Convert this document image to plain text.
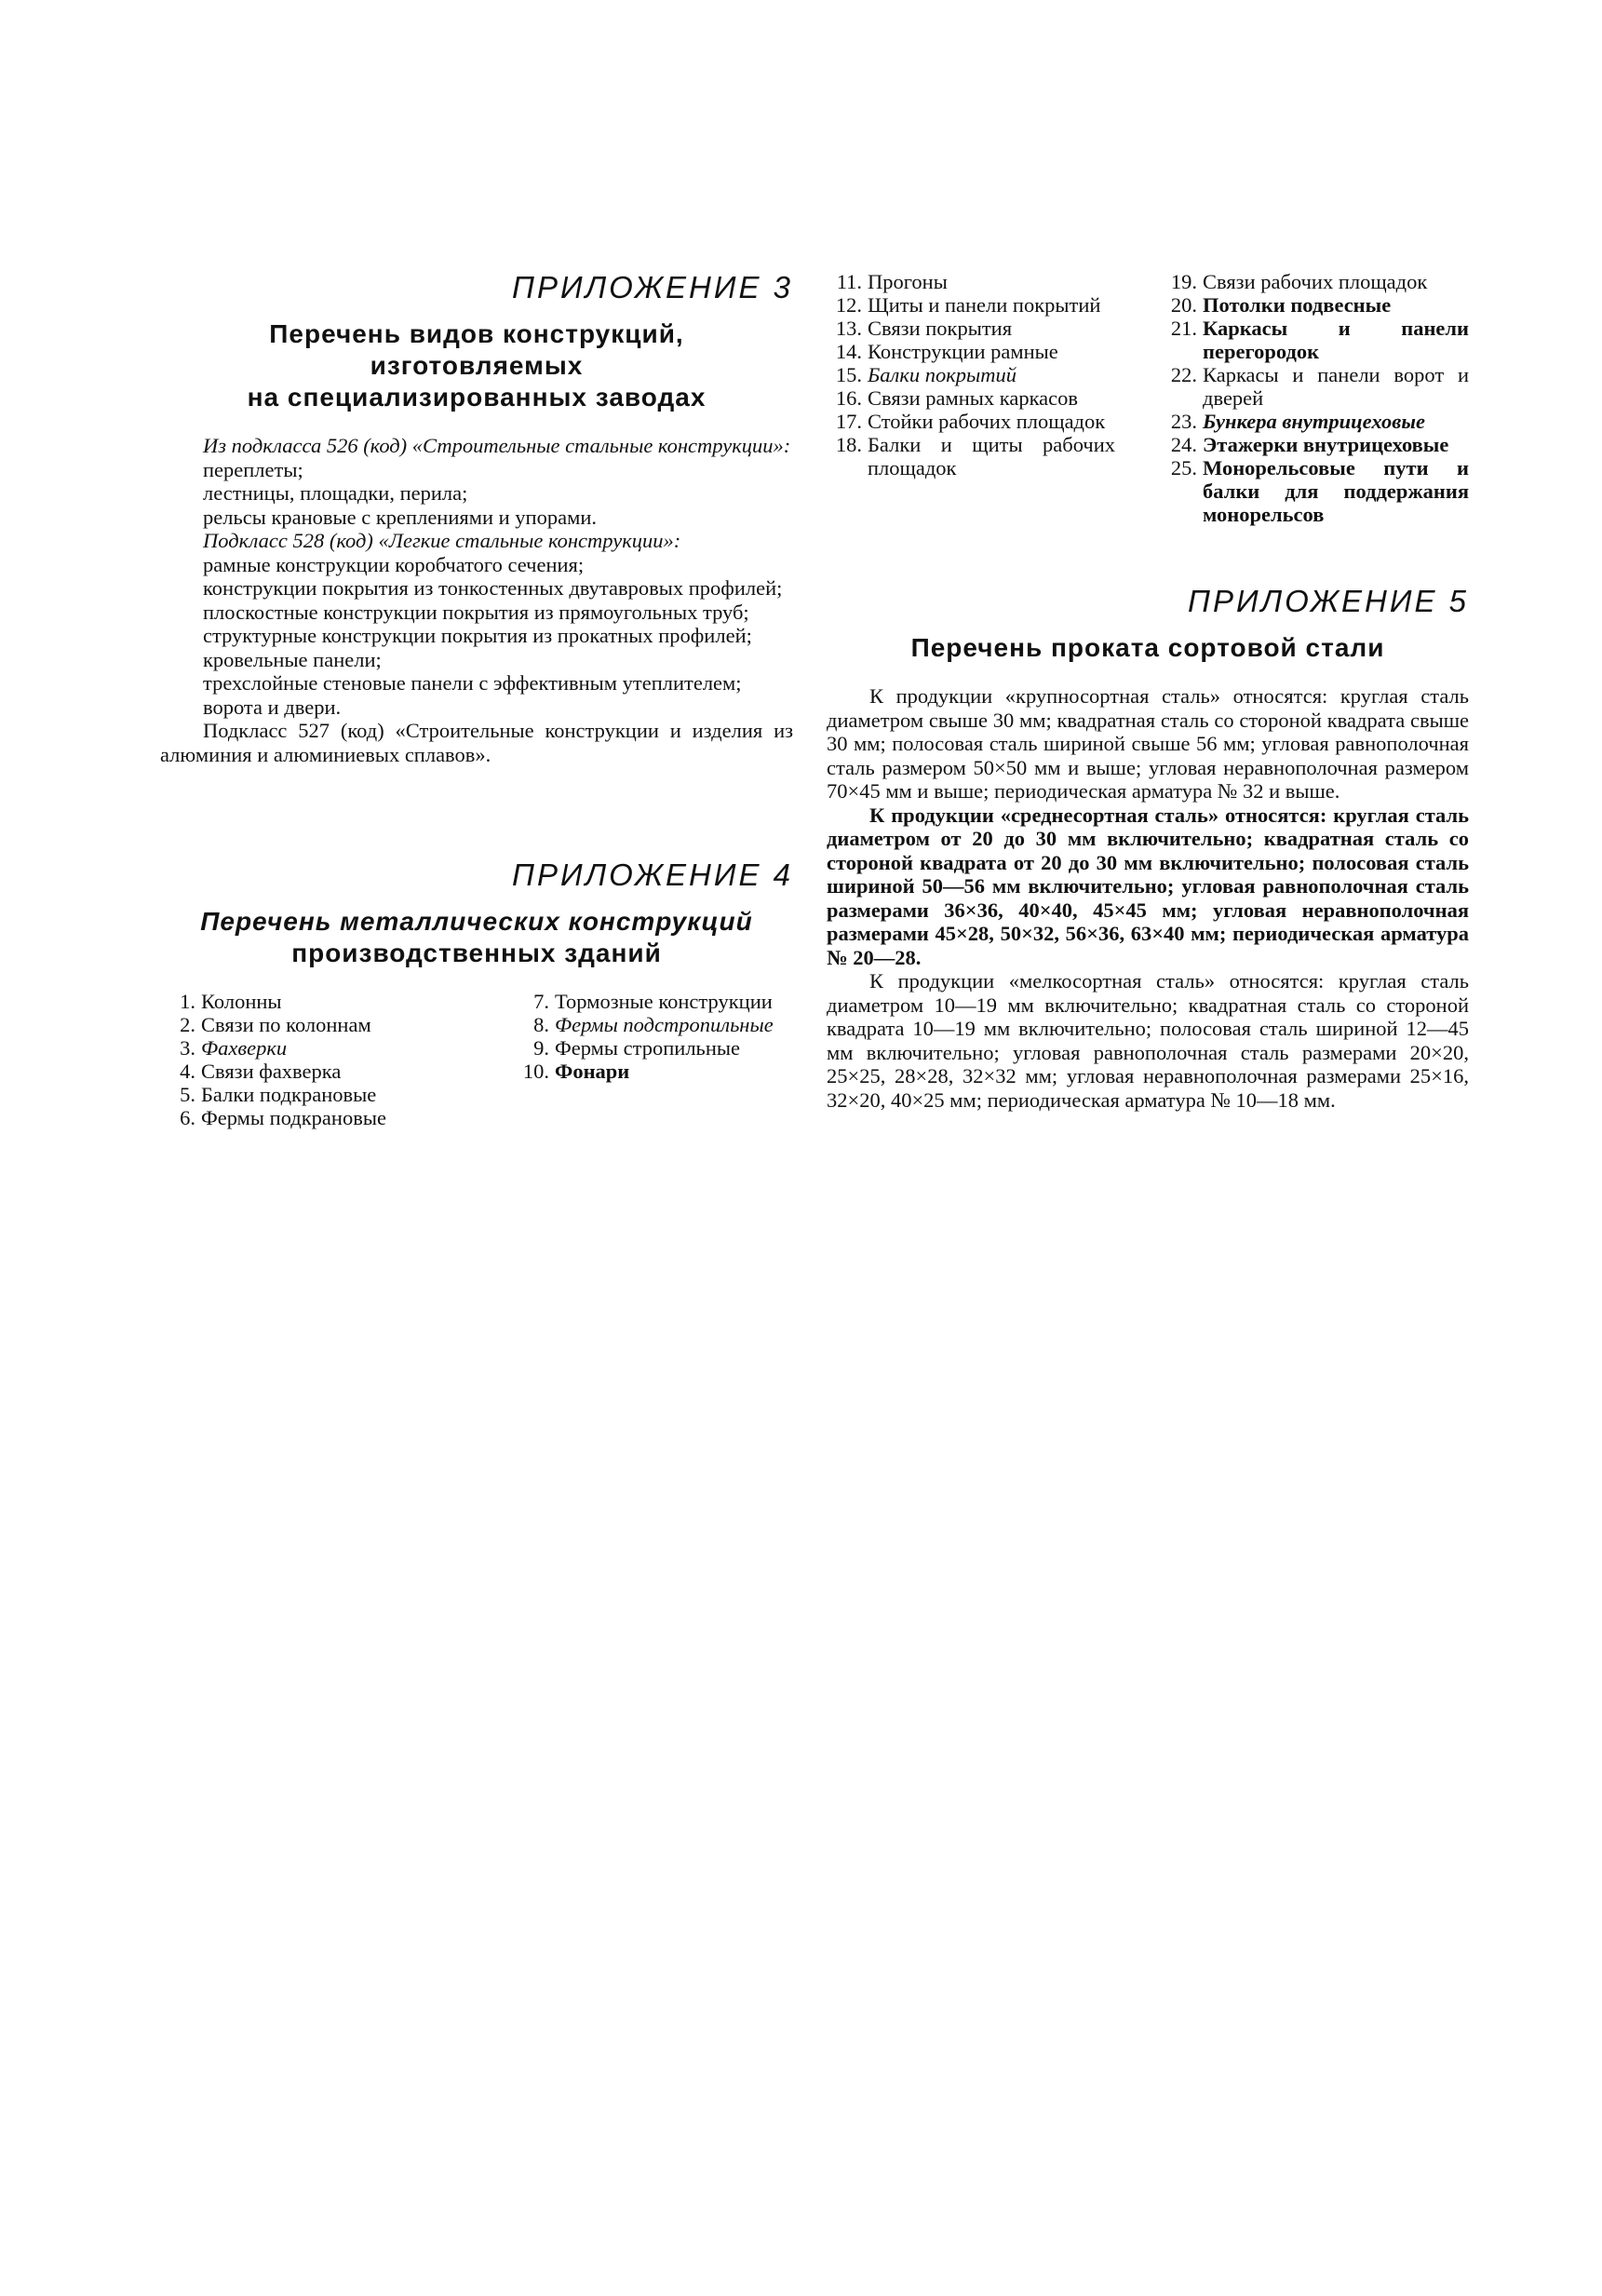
ПРИЛОЖЕНИЕ 3
Перечень видов конструкций,
изготовляемых
на специализированных заводах

Из подкласса 526 (код) «Строительные стальные конструкции»:

переплеты;

лестницы, площадки, перила;

рельсы крановые с креплениями и упорами.

Подкласс 528 (код) «Легкие стальные конструкции»:

рамные конструкции коробчатого сечения;

конструкции покрытия из тонкостенных двутавровых профилей;

плоскостные конструкции покрытия из прямоугольных труб;

структурные конструкции покрытия из прокатных профилей;

кровельные панели;

трехслойные стеновые панели с эффективным утеплителем;

ворота и двери.

Подкласс 527 (код) «Строительные конструкции и изделия из алюминия и алюминиевых сплавов».

ПРИЛОЖЕНИЕ 4
Перечень металлических конструкций
производственных зданий
1. Колонны
2. Связи по колоннам
3. Фахверки
4. Связи фахверка
5. Балки подкрановые
6. Фермы подкрановые
7. Тормозные конструкции
8. Фермы подстропильные
9. Фермы стропильные
10. Фонари
11. Прогоны
12. Щиты и панели покрытий
13. Связи покрытия
14. Конструкции рамные
15. Балки покрытий
16. Связи рамных каркасов
17. Стойки рабочих площадок
18. Балки и щиты рабочих площадок
19. Связи рабочих площадок
20. Потолки подвесные
21. Каркасы и панели перегородок
22. Каркасы и панели ворот и дверей
23. Бункера внутрицеховые
24. Этажерки внутрицеховые
25. Монорельсовые пути и балки для поддержания монорельсов
ПРИЛОЖЕНИЕ 5
Перечень проката сортовой стали

К продукции «крупносортная сталь» относятся: круглая сталь диаметром свыше 30 мм; квадратная сталь со стороной квадрата свыше 30 мм; полосовая сталь шириной свыше 56 мм; угловая равнополочная сталь размером 50×50 мм и выше; угловая неравнополочная размером 70×45 мм и выше; периодическая арматура № 32 и выше.

К продукции «среднесортная сталь» относятся: круглая сталь диаметром от 20 до 30 мм включительно; квадратная сталь со стороной квадрата от 20 до 30 мм включительно; полосовая сталь шириной 50—56 мм включительно; угловая равнополочная сталь размерами 36×36, 40×40, 45×45 мм; угловая неравнополочная размерами 45×28, 50×32, 56×36, 63×40 мм; периодическая арматура № 20—28.

К продукции «мелкосортная сталь» относятся: круглая сталь диаметром 10—19 мм включительно; квадратная сталь со стороной квадрата 10—19 мм включительно; полосовая сталь шириной 12—45 мм включительно; угловая равнополочная сталь размерами 20×20, 25×25, 28×28, 32×32 мм; угловая неравнополочная размерами 25×16, 32×20, 40×25 мм; периодическая арматура № 10—18 мм.
